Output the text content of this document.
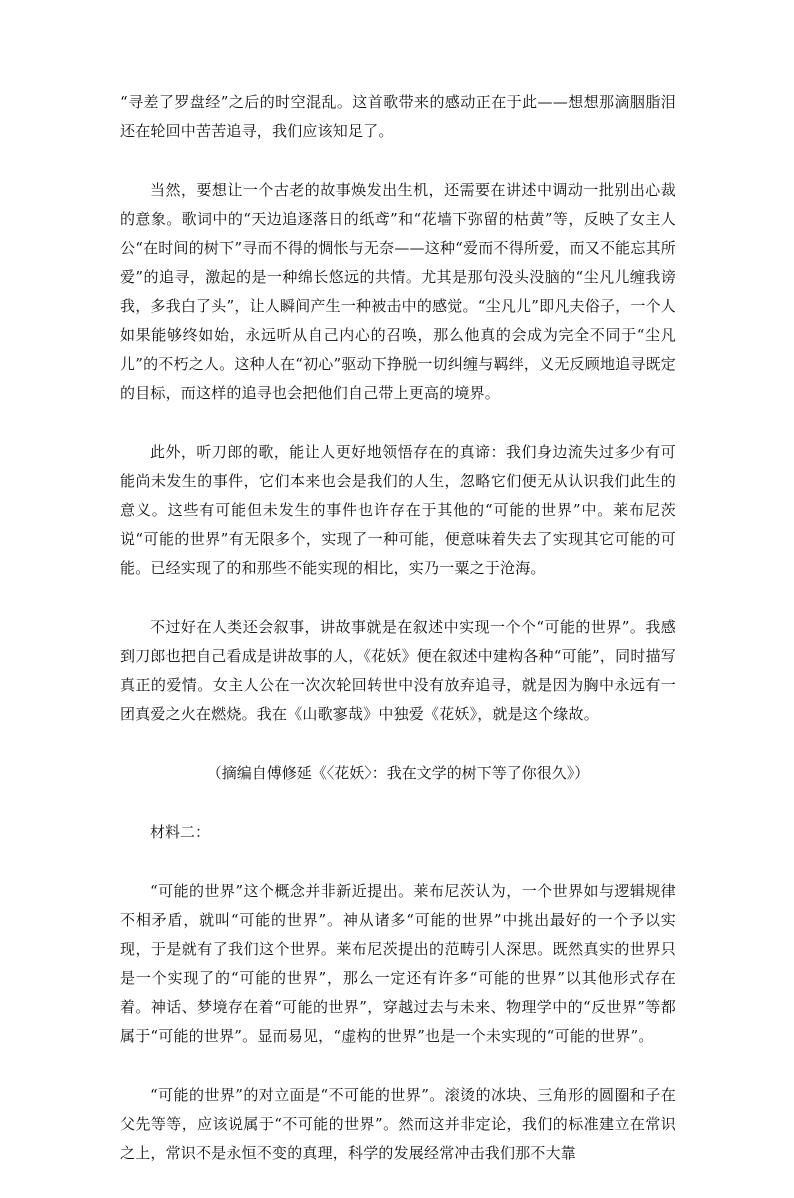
“寻差了罗盘经”之后的时空混乱。这首歌带来的感动正在于此——想想那滴胭脂泪还在轮回中苦苦追寻，我们应该知足了。

当然，要想让一个古老的故事焕发出生机，还需要在讲述中调动一批别出心裁的意象。歌词中的“天边追逐落日的纸鸢”和“花墙下弥留的枯黄”等，反映了女主人公“在时间的树下”寻而不得的惆怅与无奈——这种“爱而不得所爱，而又不能忘其所爱”的追寻，激起的是一种绵长悠远的共情。尤其是那句没头没脑的“尘凡儿缠我谤我，多我白了头”，让人瞬间产生一种被击中的感觉。“尘凡儿”即凡夫俗子，一个人如果能够终如始，永远听从自己内心的召唤，那么他真的会成为完全不同于“尘凡儿”的不朽之人。这种人在“初心”驱动下挣脱一切纠缠与羁绊，义无反顾地追寻既定的目标，而这样的追寻也会把他们自己带上更高的境界。

此外，听刀郎的歌，能让人更好地领悟存在的真谛：我们身边流失过多少有可能尚未发生的事件，它们本来也会是我们的人生，忽略它们便无从认识我们此生的意义。这些有可能但未发生的事件也许存在于其他的“可能的世界”中。莱布尼茨说“可能的世界”有无限多个，实现了一种可能，便意味着失去了实现其它可能的可能。已经实现了的和那些不能实现的相比，实乃一粟之于沧海。

不过好在人类还会叙事，讲故事就是在叙述中实现一个个“可能的世界”。我感到刀郎也把自己看成是讲故事的人，《花妖》便在叙述中建构各种“可能”，同时描写真正的爱情。女主人公在一次次轮回转世中没有放弃追寻，就是因为胸中永远有一团真爱之火在燃烧。我在《山歌寥哉》中独爱《花妖》，就是这个缘故。

（摘编自傅修延《〈花妖〉：我在文学的树下等了你很久》）

材料二：

“可能的世界”这个概念并非新近提出。莱布尼茨认为，一个世界如与逻辑规律不相矛盾，就叫“可能的世界”。神从诸多“可能的世界”中挑出最好的一个予以实现，于是就有了我们这个世界。莱布尼茨提出的范畴引人深思。既然真实的世界只是一个实现了的“可能的世界”，那么一定还有许多“可能的世界”以其他形式存在着。神话、梦境存在着“可能的世界”，穿越过去与未来、物理学中的“反世界”等都属于“可能的世界”。显而易见，“虚构的世界”也是一个未实现的“可能的世界”。

“可能的世界”的对立面是“不可能的世界”。滚烫的冰块、三角形的圆圈和子在父先等等，应该说属于“不可能的世界”。然而这并非定论，我们的标准建立在常识之上，常识不是永恒不变的真理，科学的发展经常冲击我们那不大靠
